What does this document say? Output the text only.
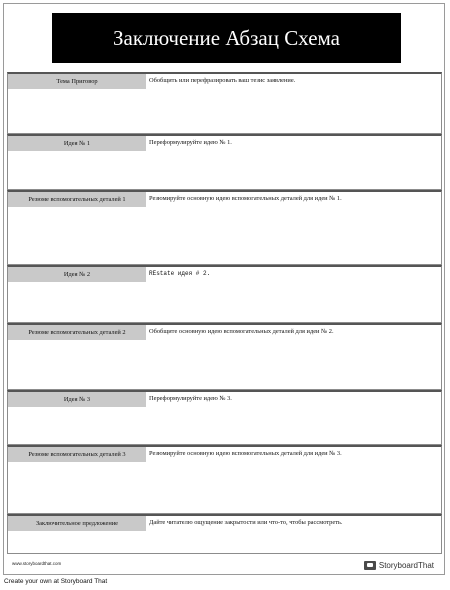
Заключение Абзац Схема
Тема Приговор	Обобщить или перефразировать ваш тезис заявление.
Идея № 1	Переформулируйте идею № 1.
Резюме вспомогательных деталей 1	Резюмируйте основную идею вспомогательных деталей для идеи № 1.
Идея № 2	REstate идея # 2.
Резюме вспомогательных деталей 2	Обобщите основную идею вспомогательных деталей для идеи № 2.
Идея № 3	Переформулируйте идею № 3.
Резюме вспомогательных деталей 3	Резюмируйте основную идею вспомогательных деталей для идеи № 3.
Заключительное предложение	Дайте читателю ощущение закрытости или что-то, чтобы рассмотреть.
www.storyboardthat.com	StoryboardThat
Create your own at Storyboard That
